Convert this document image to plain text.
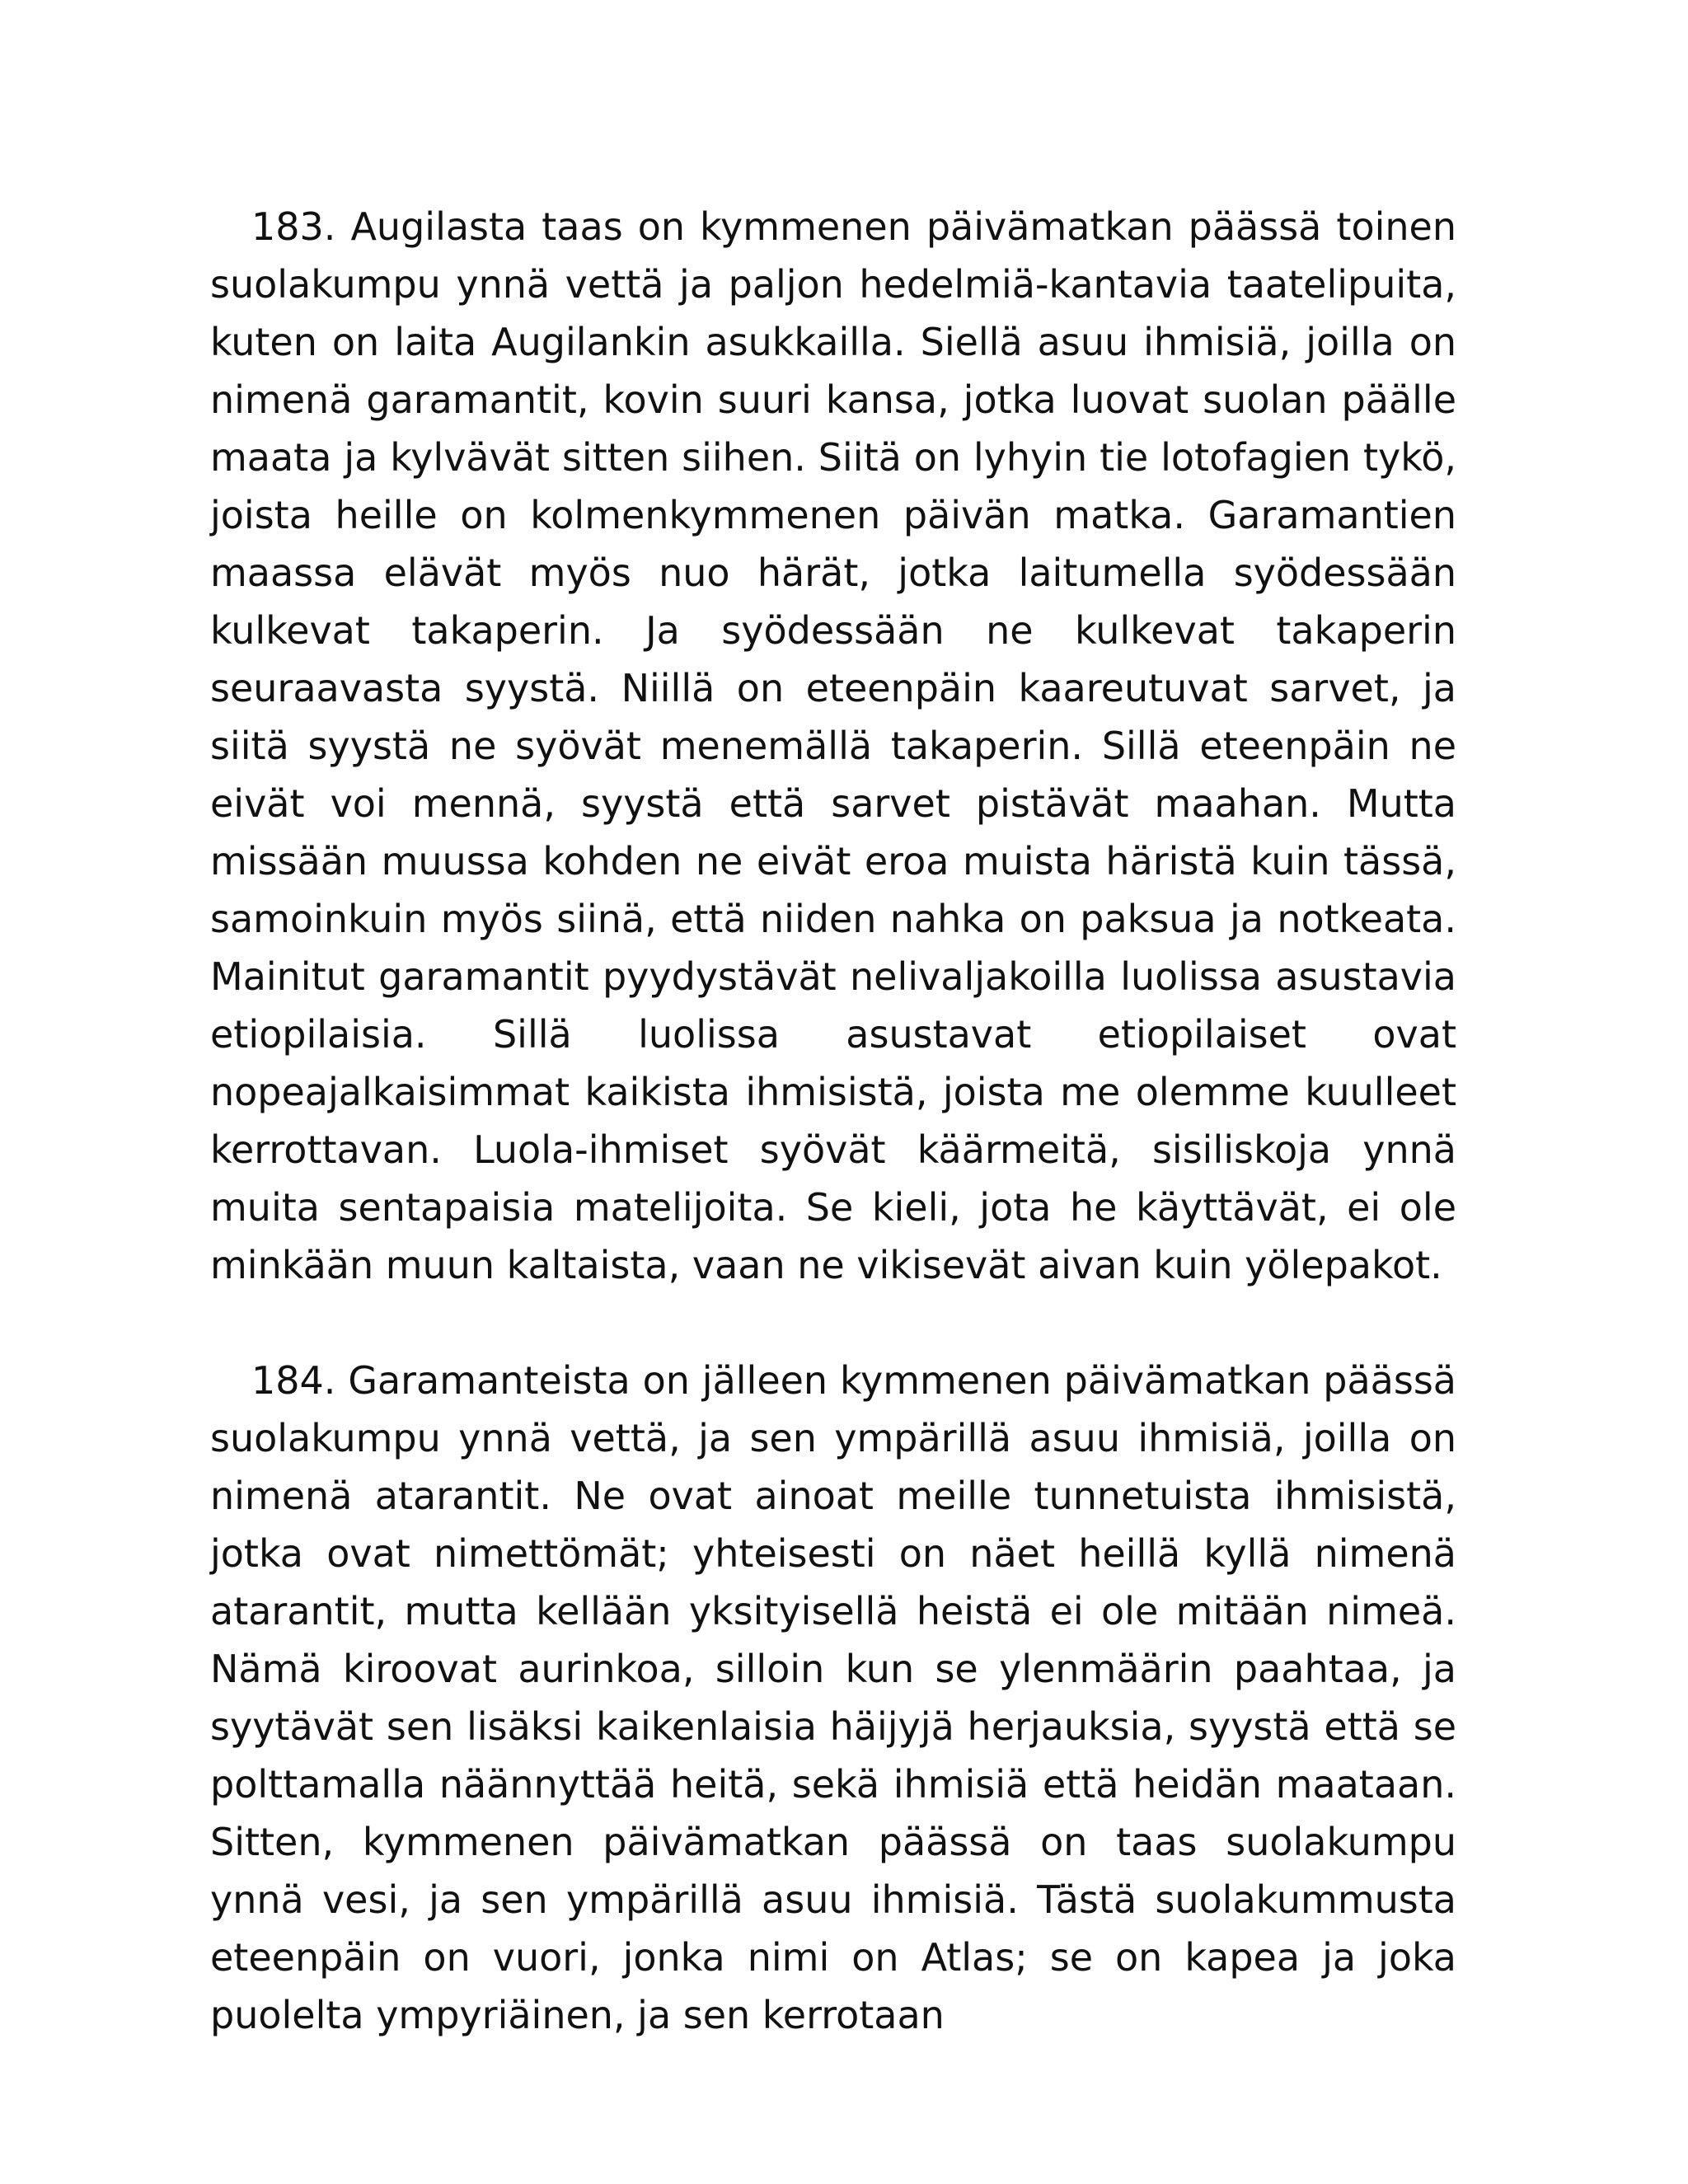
183. Augilasta taas on kymmenen päivämatkan päässä toinen suolakumpu ynnä vettä ja paljon hedelmiä-kantavia taatelipuita, kuten on laita Augilankin asukkailla. Siellä asuu ihmisiä, joilla on nimenä garamantit, kovin suuri kansa, jotka luovat suolan päälle maata ja kylvävät sitten siihen. Siitä on lyhyin tie lotofagien tykö, joista heille on kolmenkymmenen päivän matka. Garamantien maassa elävät myös nuo härät, jotka laitumella syödessään kulkevat takaperin. Ja syödessään ne kulkevat takaperin seuraavasta syystä. Niillä on eteenpäin kaareutuvat sarvet, ja siitä syystä ne syövät menemällä takaperin. Sillä eteenpäin ne eivät voi mennä, syystä että sarvet pistävät maahan. Mutta missään muussa kohden ne eivät eroa muista häristä kuin tässä, samoinkuin myös siinä, että niiden nahka on paksua ja notkeata. Mainitut garamantit pyydystävät nelivaljakoilla luolissa asustavia etiopilaisia. Sillä luolissa asustavat etiopilaiset ovat nopeajalkaisimmat kaikista ihmisistä, joista me olemme kuulleet kerrottavan. Luola-ihmiset syövät käärmeitä, sisiliskoja ynnä muita sentapaisia matelijoita. Se kieli, jota he käyttävät, ei ole minkään muun kaltaista, vaan ne vikisevät aivan kuin yölepakot.

184. Garamanteista on jälleen kymmenen päivämatkan päässä suolakumpu ynnä vettä, ja sen ympärillä asuu ihmisiä, joilla on nimenä atarantit. Ne ovat ainoat meille tunnetuista ihmisistä, jotka ovat nimettömät; yhteisesti on näet heillä kyllä nimenä atarantit, mutta kellään yksityisellä heistä ei ole mitään nimeä. Nämä kiroovat aurinkoa, silloin kun se ylenmäärin paahtaa, ja syytävät sen lisäksi kaikenlaisia häijyjä herjauksia, syystä että se polttamalla näännyttää heitä, sekä ihmisiä että heidän maataan. Sitten, kymmenen päivämatkan päässä on taas suolakumpu ynnä vesi, ja sen ympärillä asuu ihmisiä. Tästä suolakummusta eteenpäin on vuori, jonka nimi on Atlas; se on kapea ja joka puolelta ympyriäinen, ja sen kerrotaan
